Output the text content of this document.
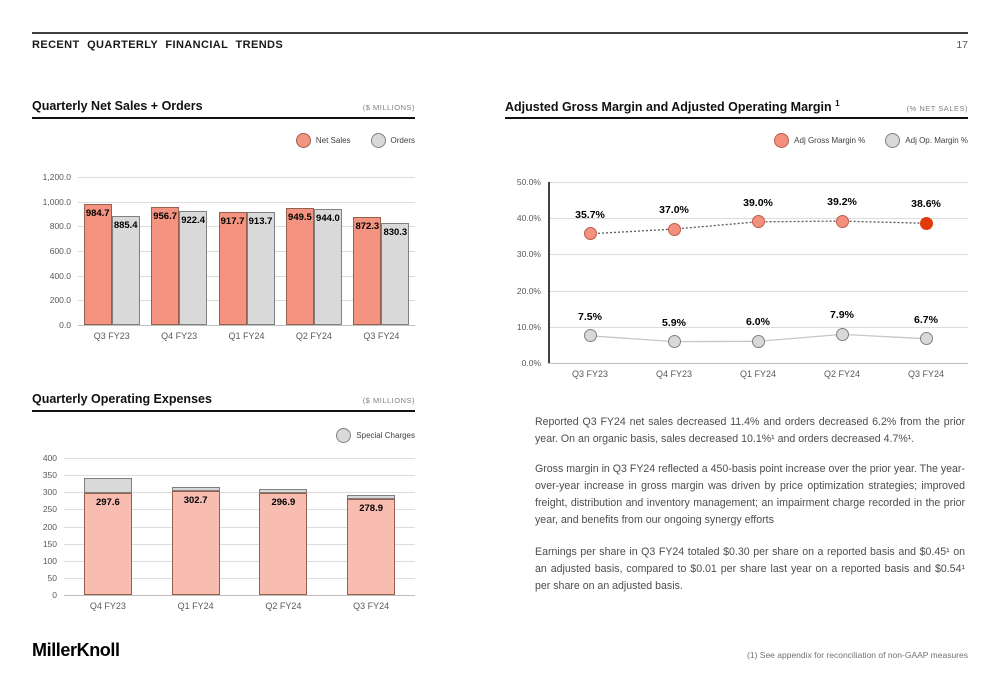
RECENT QUARTERLY FINANCIAL TRENDS	17
Quarterly Net Sales + Orders	($ MILLIONS)
Net Sales	Orders
1,200.0
1,000.0
800.0
600.0
400.0
200.0
0.0
984.7
885.4
956.7 922.4 917.7 913.7 949.5 944.0
872.3 830.3
Q3 FY23	Q4 FY23	Q1 FY24	Q2 FY24	Q3 FY24
Quarterly Operating Expenses	($ MILLIONS)
Special Charges
400
350
300
250
200
150
100
50
0
297.6	302.7	296.9
278.9
Q4 FY23	Q1 FY24	Q2 FY24	Q3 FY24
Adjusted Gross Margin and Adjusted Operating Margin $^1$
(% NET SALES)
Adj Gross Margin %	Adj Op. Margin %
50.0%
40.0%
30.0%
20.0%
10.0%
0.0%
35.7%	37.0%
39.0%	39.2%	38.6%
7.5%	5.9%	6.0%
7.9%	6.7%
Q3 FY23	Q4 FY23	Q1 FY24	Q2 FY24	Q3 FY24

Reported Q3 FY24 net sales decreased 11.4% and orders decreased 6.2% from the prior year. On an organic basis, sales decreased 10.1%¹ and orders decreased 4.7%¹.

Gross margin in Q3 FY24 reflected a 450-basis point increase over the prior year. The year-over-year increase in gross margin was driven by price optimization strategies; improved freight, distribution and inventory management; an impairment charge recorded in the prior year, and benefits from our ongoing synergy efforts

Earnings per share in Q3 FY24 totaled $0.30 per share on a reported basis and $0.45¹ on an adjusted basis, compared to $0.01 per share last year on a reported basis and $0.54¹ per share on an adjusted basis.

MillerKnoll	(1) See appendix for reconciliation of non-GAAP measures
